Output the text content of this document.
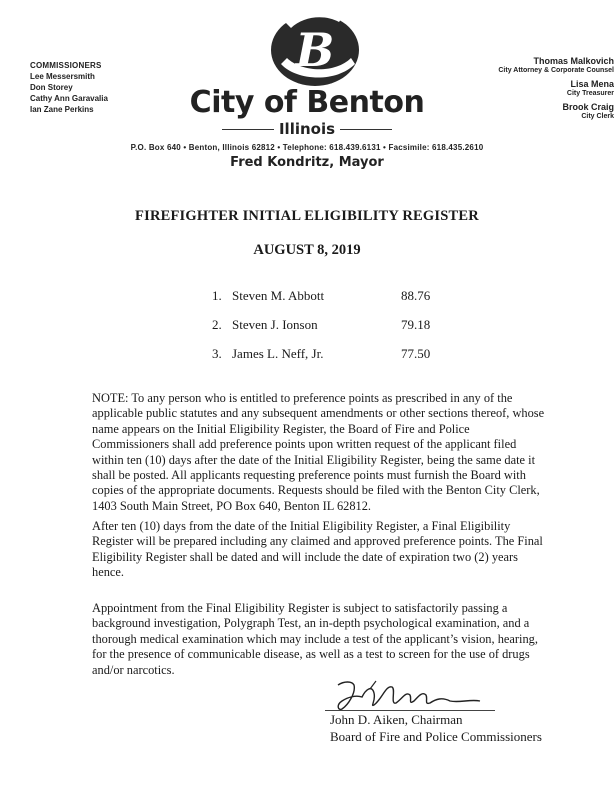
B
City of Benton
Illinois
COMMISSIONERS
Lee Messersmith
Don Storey
Cathy Ann Garavalia
Ian Zane Perkins
Thomas Malkovich
City Attorney & Corporate Counsel
Lisa Mena
City Treasurer
Brook Craig
City Clerk
P.O. Box 640 • Benton, Illinois 62812 • Telephone: 618.439.6131 • Facsimile: 618.435.2610
Fred Kondritz, Mayor
FIREFIGHTER INITIAL ELIGIBILITY REGISTER
AUGUST 8, 2019
1. Steven M. Abbott	88.76
2. Steven J. Ionson	79.18
3. James L. Neff, Jr.	77.50
NOTE: To any person who is entitled to preference points as prescribed in any of the applicable public statutes and any subsequent amendments or other sections thereof, whose name appears on the Initial Eligibility Register, the Board of Fire and Police Commissioners shall add preference points upon written request of the applicant filed within ten (10) days after the date of the Initial Eligibility Register, being the same date it shall be posted. All applicants requesting preference points must furnish the Board with copies of the appropriate documents. Requests should be filed with the Benton City Clerk, 1403 South Main Street, PO Box 640, Benton IL 62812.
After ten (10) days from the date of the Initial Eligibility Register, a Final Eligibility Register will be prepared including any claimed and approved preference points. The Final Eligibility Register shall be dated and will include the date of expiration two (2) years hence.
Appointment from the Final Eligibility Register is subject to satisfactorily passing a background investigation, Polygraph Test, an in-depth psychological examination, and a thorough medical examination which may include a test of the applicant’s vision, hearing, for the presence of communicable disease, as well as a test to screen for the use of drugs and/or narcotics.
John D. Aiken, Chairman
Board of Fire and Police Commissioners
